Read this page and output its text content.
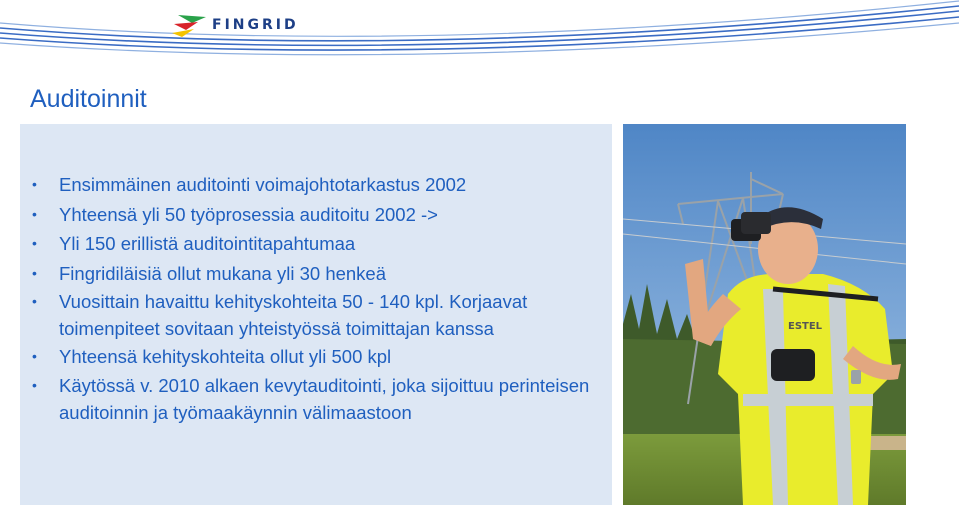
FINGRID
Auditoinnit
• Ensimmäinen auditointi voimajohtotarkastus 2002
• Yhteensä yli 50 työprosessia auditoitu 2002 ->
• Yli 150 erillistä auditointitapahtumaa
• Fingridiläisiä ollut mukana yli 30 henkeä
• Vuosittain havaittu kehityskohteita 50 - 140 kpl. Korjaavat toimenpiteet sovitaan yhteistyössä toimittajan kanssa
• Yhteensä kehityskohteita ollut yli 500 kpl
• Käytössä v. 2010 alkaen kevytauditointi, joka sijoittuu perinteisen auditoinnin ja työmaakäynnin välimaastoon
ESTEL
